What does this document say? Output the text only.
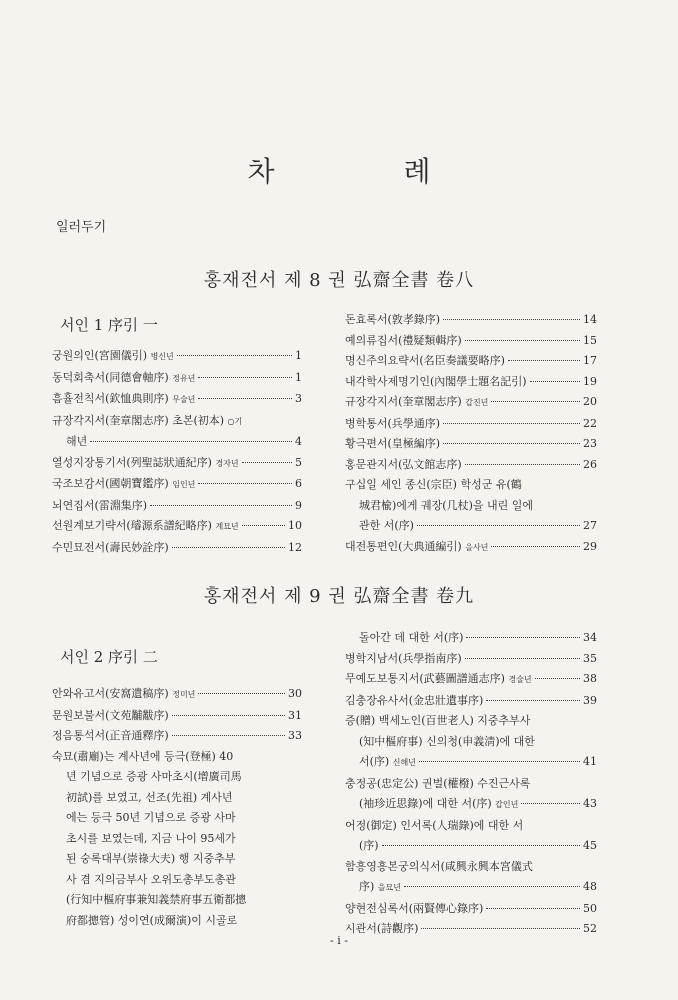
차 례
일러두기
홍재전서 제 8 권 弘齋全書 卷八
서인 1 序引 一
궁원의인(宮園儀引) 병신년	1
동덕회축서(同德會軸序) 정유년	1
흠휼전칙서(欽恤典則序) 무술년	3
규장각지서(奎章閣志序) 초본(初本) ○기
해년	4
열성지장통기서(列聖誌狀通紀序) 경자년	5
국조보감서(國朝寶鑑序) 임인년	6
뇌연집서(雷淵集序)	9
선원계보기략서(璿源系譜紀略序) 계묘년	10
수민묘전서(壽民妙詮序)	12
돈효록서(敦孝錄序)	14
예의류집서(禮疑類輯序)	15
명신주의요략서(名臣奏議要略序)	17
내각학사제명기인(內閣學士題名記引)	19
규장각지서(奎章閣志序) 갑진년	20
병학통서(兵學通序)	22
황극편서(皇極編序)	23
홍문관지서(弘文館志序)	26
구십일 세인 종신(宗臣) 학성군 유(鶴
城君楡)에게 궤장(几杖)을 내린 일에
관한 서(序)	27
대전통편인(大典通編引) 을사년	29
홍재전서 제 9 권 弘齋全書 卷九
서인 2 序引 二
안와유고서(安窩遺稿序) 정미년	30
문원보불서(文苑黼黻序)	31
정음통석서(正音通釋序)	33
숙묘(肅廟)는 계사년에 등극(登極) 40
년 기념으로 증광 사마초시(增廣司馬
初試)를 보였고, 선조(先祖) 계사년
에는 등극 50년 기념으로 증광 사마
초시를 보였는데, 지금 나이 95세가
된 숭록대부(崇祿大夫) 행 지중추부
사 겸 지의금부사 오위도총부도총관
(行知中樞府事兼知義禁府事五衛都摠
府都摠管) 성이연(成爾演)이 시골로
돌아간 데 대한 서(序)	34
병학지남서(兵學指南序)	35
무예도보통지서(武藝圖譜通志序) 경술년	38
김충장유사서(金忠壯遺事序)	39
증(贈) 백세노인(百世老人) 지중추부사
(知中樞府事) 신의청(申義淸)에 대한
서(序) 신해년	41
충정공(忠定公) 권벌(權橃) 수진근사록
(袖珍近思錄)에 대한 서(序) 갑인년	43
어정(御定) 인서록(人瑞錄)에 대한 서
(序)	45
함흥영흥본궁의식서(咸興永興本宮儀式
序) 을묘년	48
양현전심록서(兩賢傳心錄序)	50
시관서(詩觀序)	52
- i -
